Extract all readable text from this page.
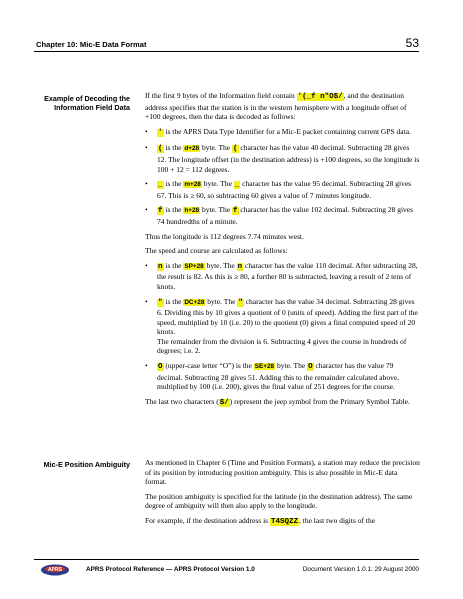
Chapter 10: Mic-E Data Format	53
Example of Decoding the Information Field Data

If the first 9 bytes of the Information field contain '(_f n"O$/, and the destination address specifies that the station is in the western hemisphere with a longitude offset of +100 degrees, then the data is decoded as follows:

• ' is the APRS Data Type Identifier for a Mic-E packet containing current GPS data.
• ( is the d+28 byte. The ( character has the value 40 decimal. Subtracting 28 gives 12. The longitude offset (in the destination address) is +100 degrees, so the longitude is 100 + 12 = 112 degrees.
• _ is the m+28 byte. The _ character has the value 95 decimal. Subtracting 28 gives 67. This is ≥ 60, so subtracting 60 gives a value of 7 minutes longitude.
• f is the h+28 byte. The f character has the value 102 decimal. Subtracting 28 gives 74 hundredths of a minute.

Thus the longitude is 112 degrees 7.74 minutes west.

The speed and course are calculated as follows:

• n is the SP+28 byte. The n character has the value 110 decimal. After subtracting 28, the result is 82. As this is ≥ 80, a further 80 is subtracted, leaving a result of 2 tens of knots.
• " is the DC+28 byte. The " character has the value 34 decimal. Subtracting 28 gives 6. Dividing this by 10 gives a quotient of 0 (units of speed). Adding the first part of the speed, multiplied by 10 (i.e. 20) to the quotient (0) gives a final computed speed of 20 knots.
The remainder from the division is 6. Subtracting 4 gives the course in hundreds of degrees; i.e. 2.
• O (upper-case letter “O”) is the SE+28 byte. The O character has the value 79 decimal. Subtracting 28 gives 51. Adding this to the remainder calculated above, multiplied by 100 (i.e. 200), gives the final value of 251 degrees for the course.

The last two characters ($/) represent the jeep symbol from the Primary Symbol Table.

Mic-E Position Ambiguity As mentioned in Chapter 6 (Time and Position Formats), a station may reduce the precision of its position by introducing position ambiguity. This is also possible in Mic-E data format.

The position ambiguity is specified for the latitude (in the destination address). The same degree of ambiguity will then also apply to the longitude.

For example, if the destination address is T4SQZZ, the last two digits of the

APRS	APRS Protocol Reference — APRS Protocol Version 1.0	Document Version 1.0.1: 29 August 2000
